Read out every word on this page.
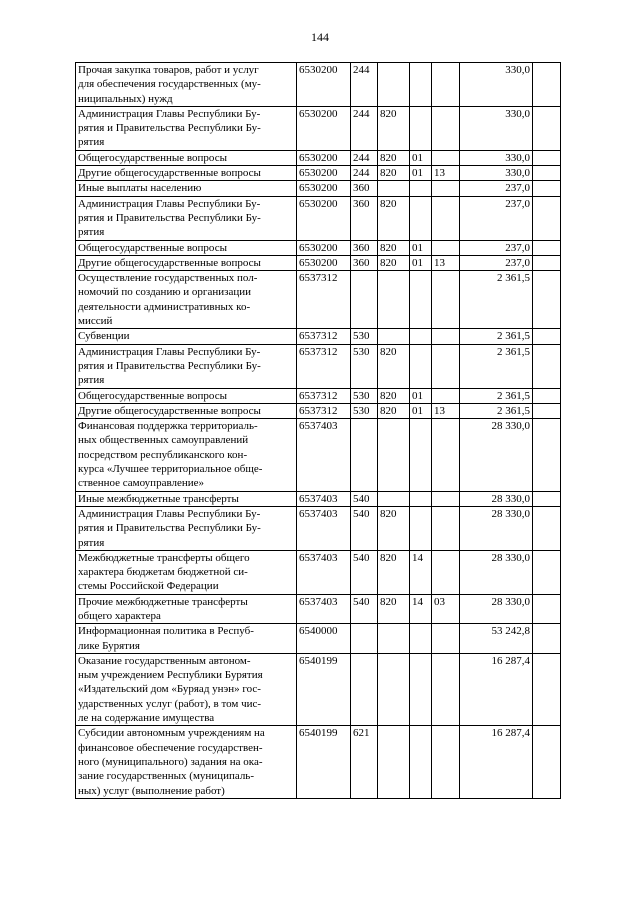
144
Прочая закупка товаров, работ и услуг
для обеспечения государственных (му-
ниципальных) нужд	6530200	244				330,0	

Администрация Главы Республики Бу-
рятия и Правительства Республики Бу-
рятия	6530200	244	820			330,0	

Общегосударственные вопросы	6530200	244	820	01		330,0	

Другие общегосударственные вопросы	6530200	244	820	01	13	330,0	

Иные выплаты населению	6530200	360				237,0	

Администрация Главы Республики Бу-
рятия и Правительства Республики Бу-
рятия	6530200	360	820			237,0	

Общегосударственные вопросы	6530200	360	820	01		237,0	

Другие общегосударственные вопросы	6530200	360	820	01	13	237,0	

Осуществление государственных пол-
номочий по созданию и организации
деятельности административных ко-
миссий	6537312					2 361,5	

Субвенции	6537312	530				2 361,5	

Администрация Главы Республики Бу-
рятия и Правительства Республики Бу-
рятия	6537312	530	820			2 361,5	

Общегосударственные вопросы	6537312	530	820	01		2 361,5	

Другие общегосударственные вопросы	6537312	530	820	01	13	2 361,5	

Финансовая поддержка территориаль-
ных общественных самоуправлений
посредством республиканского кон-
курса «Лучшее территориальное обще-
ственное самоуправление»	6537403					28 330,0	

Иные межбюджетные трансферты	6537403	540				28 330,0	

Администрация Главы Республики Бу-
рятия и Правительства Республики Бу-
рятия	6537403	540	820			28 330,0	

Межбюджетные трансферты общего
характера бюджетам бюджетной си-
стемы Российской Федерации	6537403	540	820	14		28 330,0	

Прочие межбюджетные трансферты
общего характера	6537403	540	820	14	03	28 330,0	

Информационная политика в Респуб-
лике Бурятия	6540000					53 242,8	

Оказание государственным автоном-
ным учреждением Республики Бурятия
«Издательский дом «Буряад унэн» гос-
ударственных услуг (работ), в том чис-
ле на содержание имущества	6540199					16 287,4	

Субсидии автономным учреждениям на
финансовое обеспечение государствен-
ного (муниципального) задания на ока-
зание государственных (муниципаль-
ных) услуг (выполнение работ)	6540199	621				16 287,4	
